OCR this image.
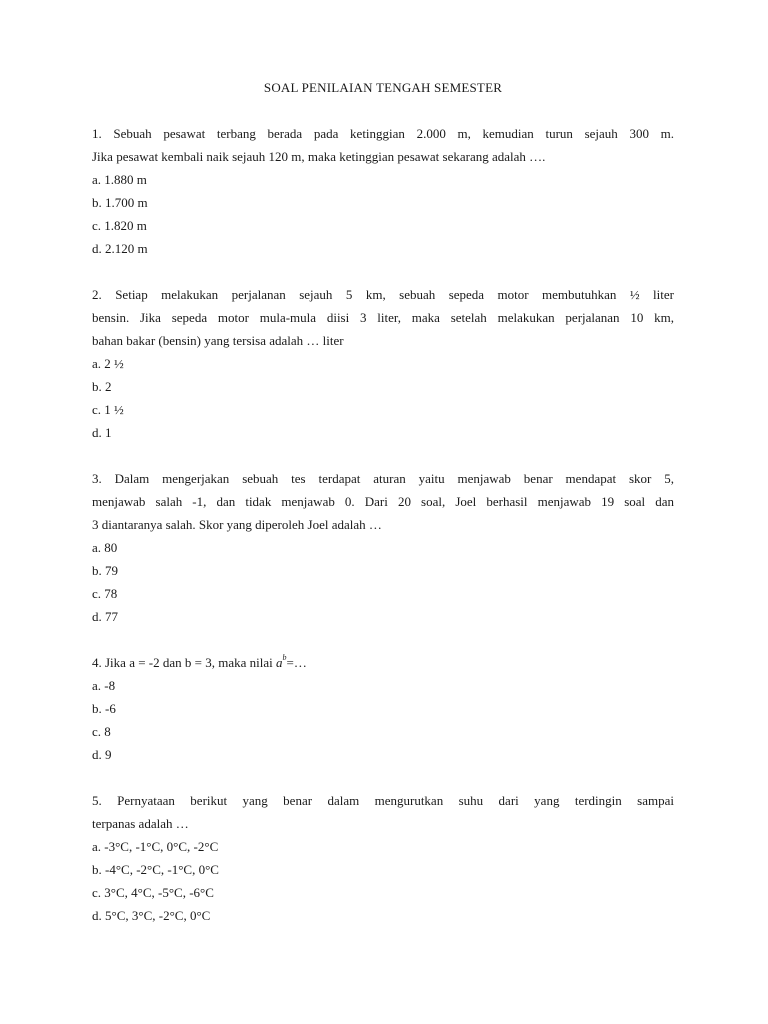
SOAL PENILAIAN TENGAH SEMESTER
1. Sebuah pesawat terbang berada pada ketinggian 2.000 m, kemudian turun sejauh 300 m.
Jika pesawat kembali naik sejauh 120 m, maka ketinggian pesawat sekarang adalah ….
a. 1.880 m
b. 1.700 m
c. 1.820 m
d. 2.120 m
2. Setiap melakukan perjalanan sejauh 5 km, sebuah sepeda motor membutuhkan ½ liter
bensin. Jika sepeda motor mula-mula diisi 3 liter, maka setelah melakukan perjalanan 10 km,
bahan bakar (bensin) yang tersisa adalah … liter
a. 2 ½
b. 2
c. 1 ½
d. 1
3. Dalam mengerjakan sebuah tes terdapat aturan yaitu menjawab benar mendapat skor 5,
menjawab salah -1, dan tidak menjawab 0. Dari 20 soal, Joel berhasil menjawab 19 soal dan
3 diantaranya salah. Skor yang diperoleh Joel adalah …
a. 80
b. 79
c. 78
d. 77
4. Jika a = -2 dan b = 3, maka nilai $a^b=\dots$
a. -8
b. -6
c. 8
d. 9
5. Pernyataan berikut yang benar dalam mengurutkan suhu dari yang terdingin sampai
terpanas adalah …
a. -3°C, -1°C, 0°C, -2°C
b. -4°C, -2°C, -1°C, 0°C
c. 3°C, 4°C, -5°C, -6°C
d. 5°C, 3°C, -2°C, 0°C
